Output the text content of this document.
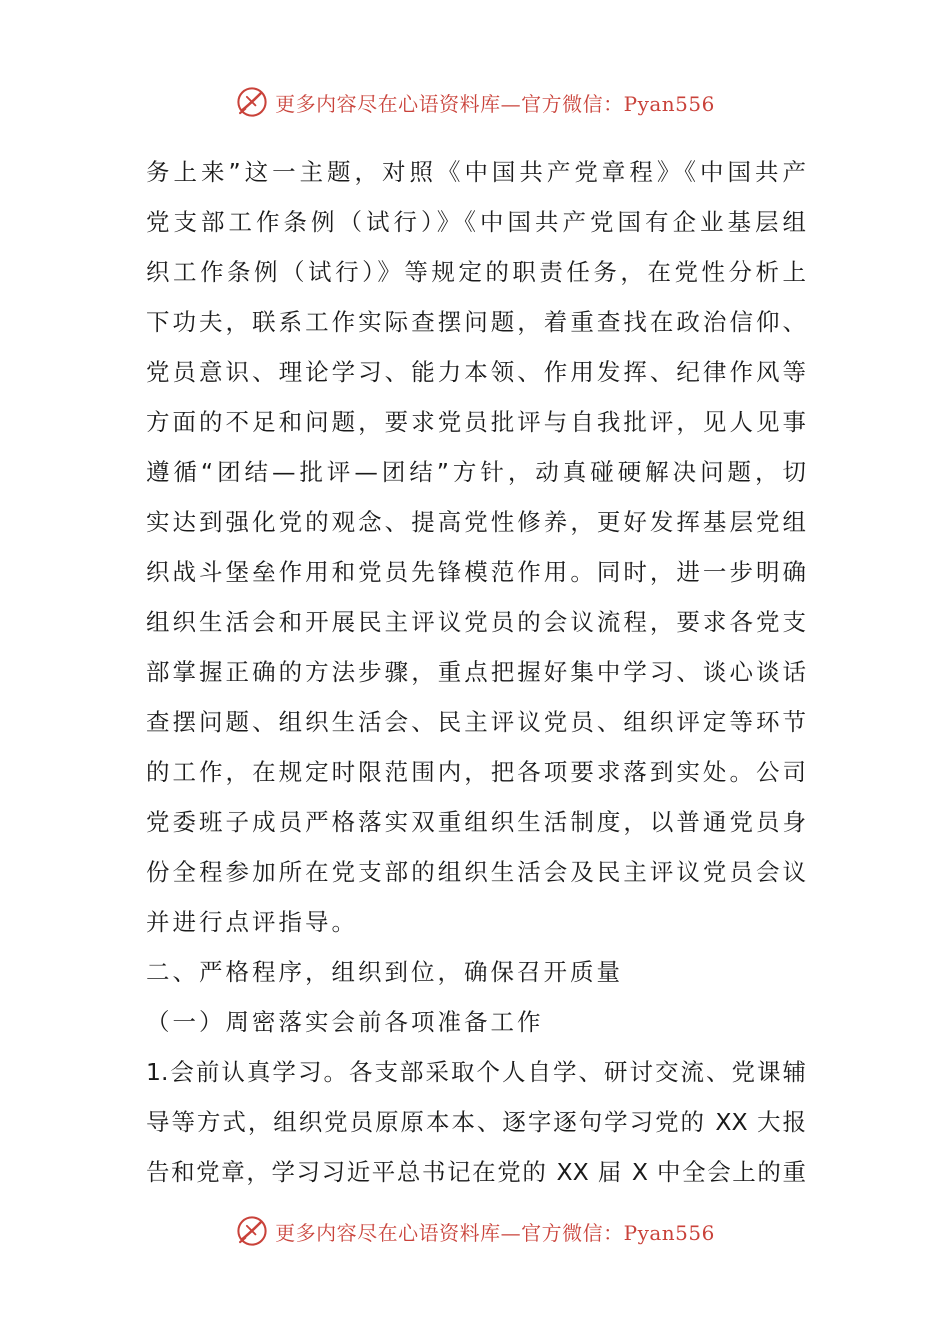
更多内容尽在心语资料库—官方微信：Pyan556
务上来”这一主题，对照《中国共产党章程》《中国共产
党支部工作条例（试行）》《中国共产党国有企业基层组
织工作条例（试行）》等规定的职责任务，在党性分析上
下功夫，联系工作实际查摆问题，着重查找在政治信仰、
党员意识、理论学习、能力本领、作用发挥、纪律作风等
方面的不足和问题，要求党员批评与自我批评，见人见事
遵循“团结—批评—团结”方针，动真碰硬解决问题，切
实达到强化党的观念、提高党性修养，更好发挥基层党组
织战斗堡垒作用和党员先锋模范作用。同时，进一步明确
组织生活会和开展民主评议党员的会议流程，要求各党支
部掌握正确的方法步骤，重点把握好集中学习、谈心谈话
查摆问题、组织生活会、民主评议党员、组织评定等环节
的工作，在规定时限范围内，把各项要求落到实处。公司
党委班子成员严格落实双重组织生活制度，以普通党员身
份全程参加所在党支部的组织生活会及民主评议党员会议
并进行点评指导。
二、严格程序，组织到位，确保召开质量
（一）周密落实会前各项准备工作
1.会前认真学习。各支部采取个人自学、研讨交流、党课辅
导等方式，组织党员原原本本、逐字逐句学习党的 XX 大报
告和党章，学习习近平总书记在党的 XX 届 X 中全会上的重
更多内容尽在心语资料库—官方微信：Pyan556
